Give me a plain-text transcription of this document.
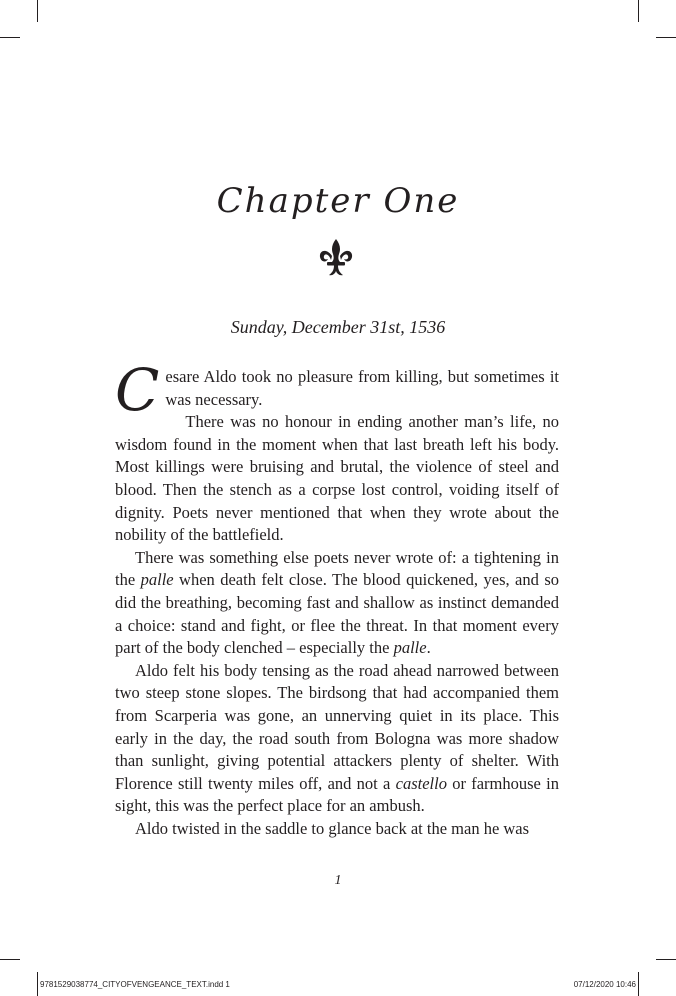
Chapter One
Sunday, December 31st, 1536

Cesare Aldo took no pleasure from killing, but sometimes it was necessary.

There was no honour in ending another man’s life, no wisdom found in the moment when that last breath left his body. Most killings were bruising and brutal, the violence of steel and blood. Then the stench as a corpse lost control, voiding itself of dignity. Poets never mentioned that when they wrote about the nobility of the battlefield.

There was something else poets never wrote of: a tightening in the palle when death felt close. The blood quickened, yes, and so did the breathing, becoming fast and shallow as instinct demanded a choice: stand and fight, or flee the threat. In that moment every part of the body clenched – especially the palle.

Aldo felt his body tensing as the road ahead narrowed between two steep stone slopes. The birdsong that had accompanied them from Scarperia was gone, an unnerving quiet in its place. This early in the day, the road south from Bologna was more shadow than sunlight, giving potential attackers plenty of shelter. With Florence still twenty miles off, and not a castello or farmhouse in sight, this was the perfect place for an ambush.

Aldo twisted in the saddle to glance back at the man he was

1
9781529038774_CITYOFVENGEANCE_TEXT.indd 1	07/12/2020 10:46
